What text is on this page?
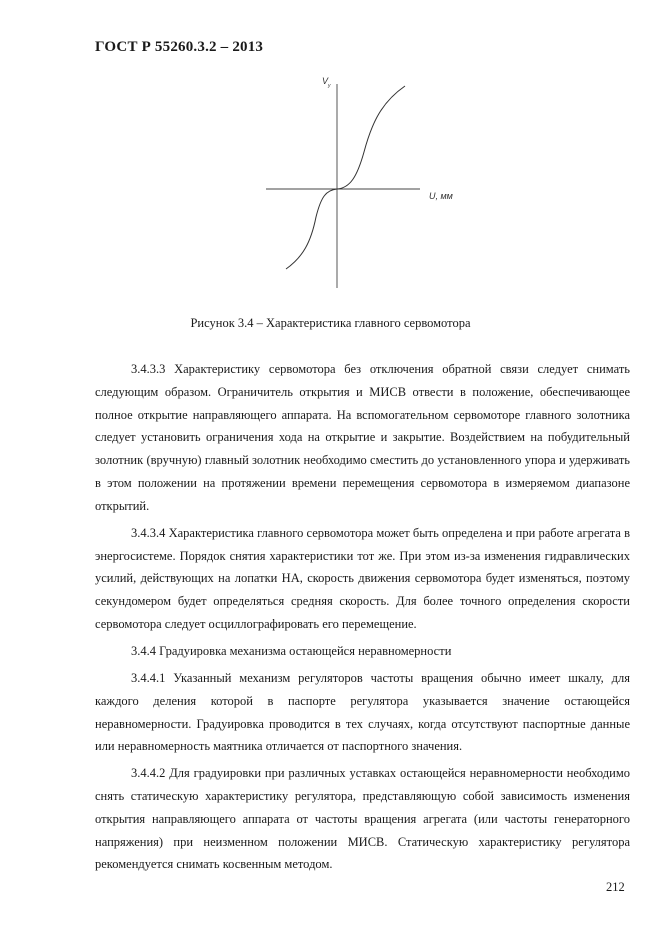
ГОСТ Р 55260.3.2 – 2013
V у
U, мм
Рисунок 3.4 – Характеристика главного сервомотора

3.4.3.3 Характеристику сервомотора без отключения обратной связи следует снимать следующим образом. Ограничитель открытия и МИСВ отвести в положение, обеспечивающее полное открытие направляющего аппарата. На вспомогательном сервомоторе главного золотника следует установить ограничения хода на открытие и закрытие. Воздействием на побудительный золотник (вручную) главный золотник необходимо сместить до установленного упора и удерживать в этом положении на протяжении времени перемещения сервомотора в измеряемом диапазоне открытий.

3.4.3.4 Характеристика главного сервомотора может быть определена и при работе агрегата в энергосистеме. Порядок снятия характеристики тот же. При этом из-за изменения гидравлических усилий, действующих на лопатки НА, скорость движения сервомотора будет изменяться, поэтому секундомером будет определяться средняя скорость. Для более точного определения скорости сервомотора следует осциллографировать его перемещение.

3.4.4 Градуировка механизма остающейся неравномерности

3.4.4.1 Указанный механизм регуляторов частоты вращения обычно имеет шкалу, для каждого деления которой в паспорте регулятора указывается значение остающейся неравномерности. Градуировка проводится в тех случаях, когда отсутствуют паспортные данные или неравномерность маятника отличается от паспортного значения.

3.4.4.2 Для градуировки при различных уставках остающейся неравномерности необходимо снять статическую характеристику регулятора, представляющую собой зависимость изменения открытия направляющего аппарата от частоты вращения агрегата (или частоты генераторного напряжения) при неизменном положении МИСВ. Статическую характеристику регулятора рекомендуется снимать косвенным методом.

212
